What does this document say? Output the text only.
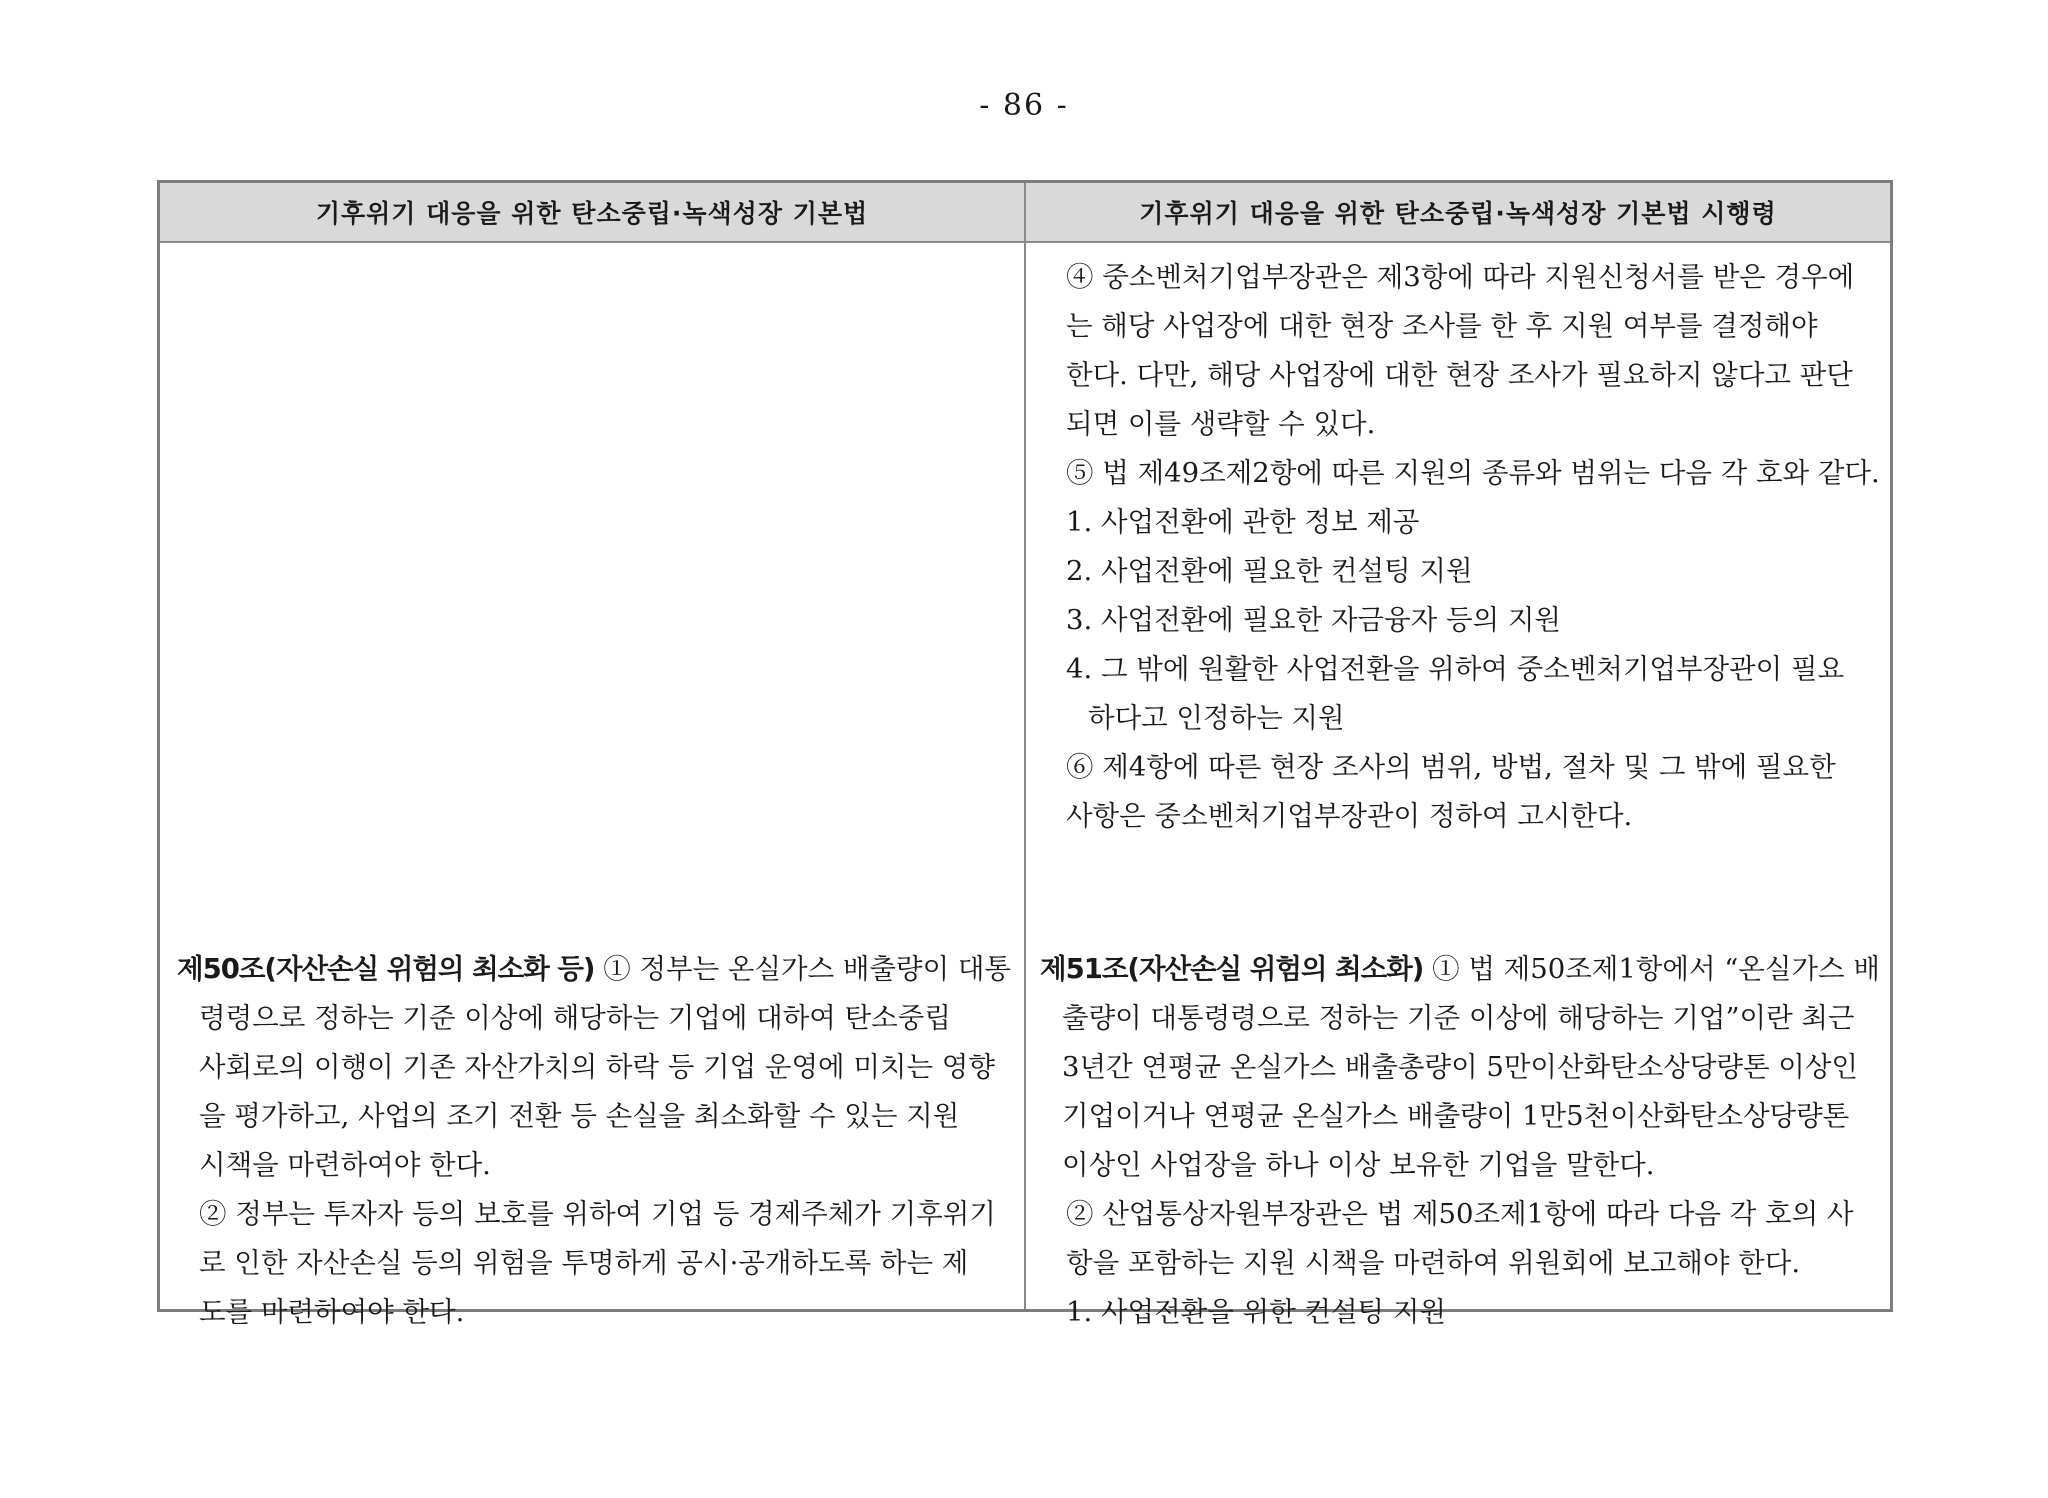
- 86 -
기후위기 대응을 위한 탄소중립·녹색성장 기본법	기후위기 대응을 위한 탄소중립·녹색성장 기본법 시행령
제50조(자산손실 위험의 최소화 등) ① 정부는 온실가스 배출량이 대통
령령으로 정하는 기준 이상에 해당하는 기업에 대하여 탄소중립
사회로의 이행이 기존 자산가치의 하락 등 기업 운영에 미치는 영향
을 평가하고, 사업의 조기 전환 등 손실을 최소화할 수 있는 지원
시책을 마련하여야 한다.
② 정부는 투자자 등의 보호를 위하여 기업 등 경제주체가 기후위기
로 인한 자산손실 등의 위험을 투명하게 공시·공개하도록 하는 제
도를 마련하여야 한다.
④ 중소벤처기업부장관은 제3항에 따라 지원신청서를 받은 경우에
는 해당 사업장에 대한 현장 조사를 한 후 지원 여부를 결정해야
한다. 다만, 해당 사업장에 대한 현장 조사가 필요하지 않다고 판단
되면 이를 생략할 수 있다.
⑤ 법 제49조제2항에 따른 지원의 종류와 범위는 다음 각 호와 같다.
1. 사업전환에 관한 정보 제공
2. 사업전환에 필요한 컨설팅 지원
3. 사업전환에 필요한 자금융자 등의 지원
4. 그 밖에 원활한 사업전환을 위하여 중소벤처기업부장관이 필요
하다고 인정하는 지원
⑥ 제4항에 따른 현장 조사의 범위, 방법, 절차 및 그 밖에 필요한
사항은 중소벤처기업부장관이 정하여 고시한다.
제51조(자산손실 위험의 최소화) ① 법 제50조제1항에서 “온실가스 배
출량이 대통령령으로 정하는 기준 이상에 해당하는 기업”이란 최근
3년간 연평균 온실가스 배출총량이 5만이산화탄소상당량톤 이상인
기업이거나 연평균 온실가스 배출량이 1만5천이산화탄소상당량톤
이상인 사업장을 하나 이상 보유한 기업을 말한다.
② 산업통상자원부장관은 법 제50조제1항에 따라 다음 각 호의 사
항을 포함하는 지원 시책을 마련하여 위원회에 보고해야 한다.
1. 사업전환을 위한 컨설팅 지원
